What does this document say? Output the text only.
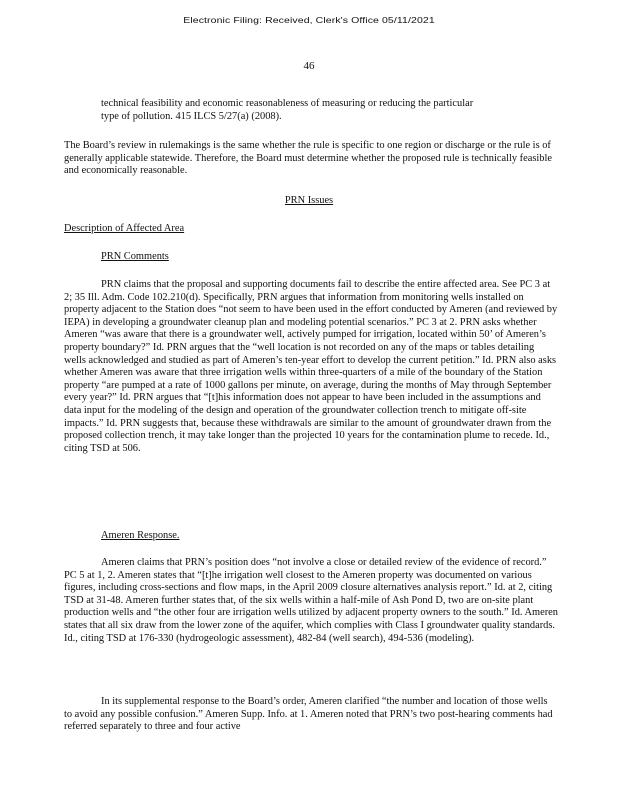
Electronic Filing: Received, Clerk's Office 05/11/2021
46

technical feasibility and economic reasonableness of measuring or reducing the particular type of pollution. 415 ILCS 5/27(a) (2008).

The Board’s review in rulemakings is the same whether the rule is specific to one region or discharge or the rule is of generally applicable statewide. Therefore, the Board must determine whether the proposed rule is technically feasible and economically reasonable.

PRN Issues
Description of Affected Area
PRN Comments

PRN claims that the proposal and supporting documents fail to describe the entire affected area. See PC 3 at 2; 35 Ill. Adm. Code 102.210(d). Specifically, PRN argues that information from monitoring wells installed on property adjacent to the Station does “not seem to have been used in the effort conducted by Ameren (and reviewed by IEPA) in developing a groundwater cleanup plan and modeling potential scenarios.” PC 3 at 2. PRN asks whether Ameren “was aware that there is a groundwater well, actively pumped for irrigation, located within 50’ of Ameren’s property boundary?” Id. PRN argues that the “well location is not recorded on any of the maps or tables detailing wells acknowledged and studied as part of Ameren’s ten-year effort to develop the current petition.” Id. PRN also asks whether Ameren was aware that three irrigation wells within three-quarters of a mile of the boundary of the Station property “are pumped at a rate of 1000 gallons per minute, on average, during the months of May through September every year?” Id. PRN argues that “[t]his information does not appear to have been included in the assumptions and data input for the modeling of the design and operation of the groundwater collection trench to mitigate off-site impacts.” Id. PRN suggests that, because these withdrawals are similar to the amount of groundwater drawn from the proposed collection trench, it may take longer than the projected 10 years for the contamination plume to recede. Id., citing TSD at 506.

Ameren Response.

Ameren claims that PRN’s position does “not involve a close or detailed review of the evidence of record.” PC 5 at 1, 2. Ameren states that “[t]he irrigation well closest to the Ameren property was documented on various figures, including cross-sections and flow maps, in the April 2009 closure alternatives analysis report.” Id. at 2, citing TSD at 31-48. Ameren further states that, of the six wells within a half-mile of Ash Pond D, two are on-site plant production wells and “the other four are irrigation wells utilized by adjacent property owners to the south.” Id. Ameren states that all six draw from the lower zone of the aquifer, which complies with Class I groundwater quality standards. Id., citing TSD at 176-330 (hydrogeologic assessment), 482-84 (well search), 494-536 (modeling).

In its supplemental response to the Board’s order, Ameren clarified “the number and location of those wells to avoid any possible confusion.” Ameren Supp. Info. at 1. Ameren noted that PRN’s two post-hearing comments had referred separately to three and four active
